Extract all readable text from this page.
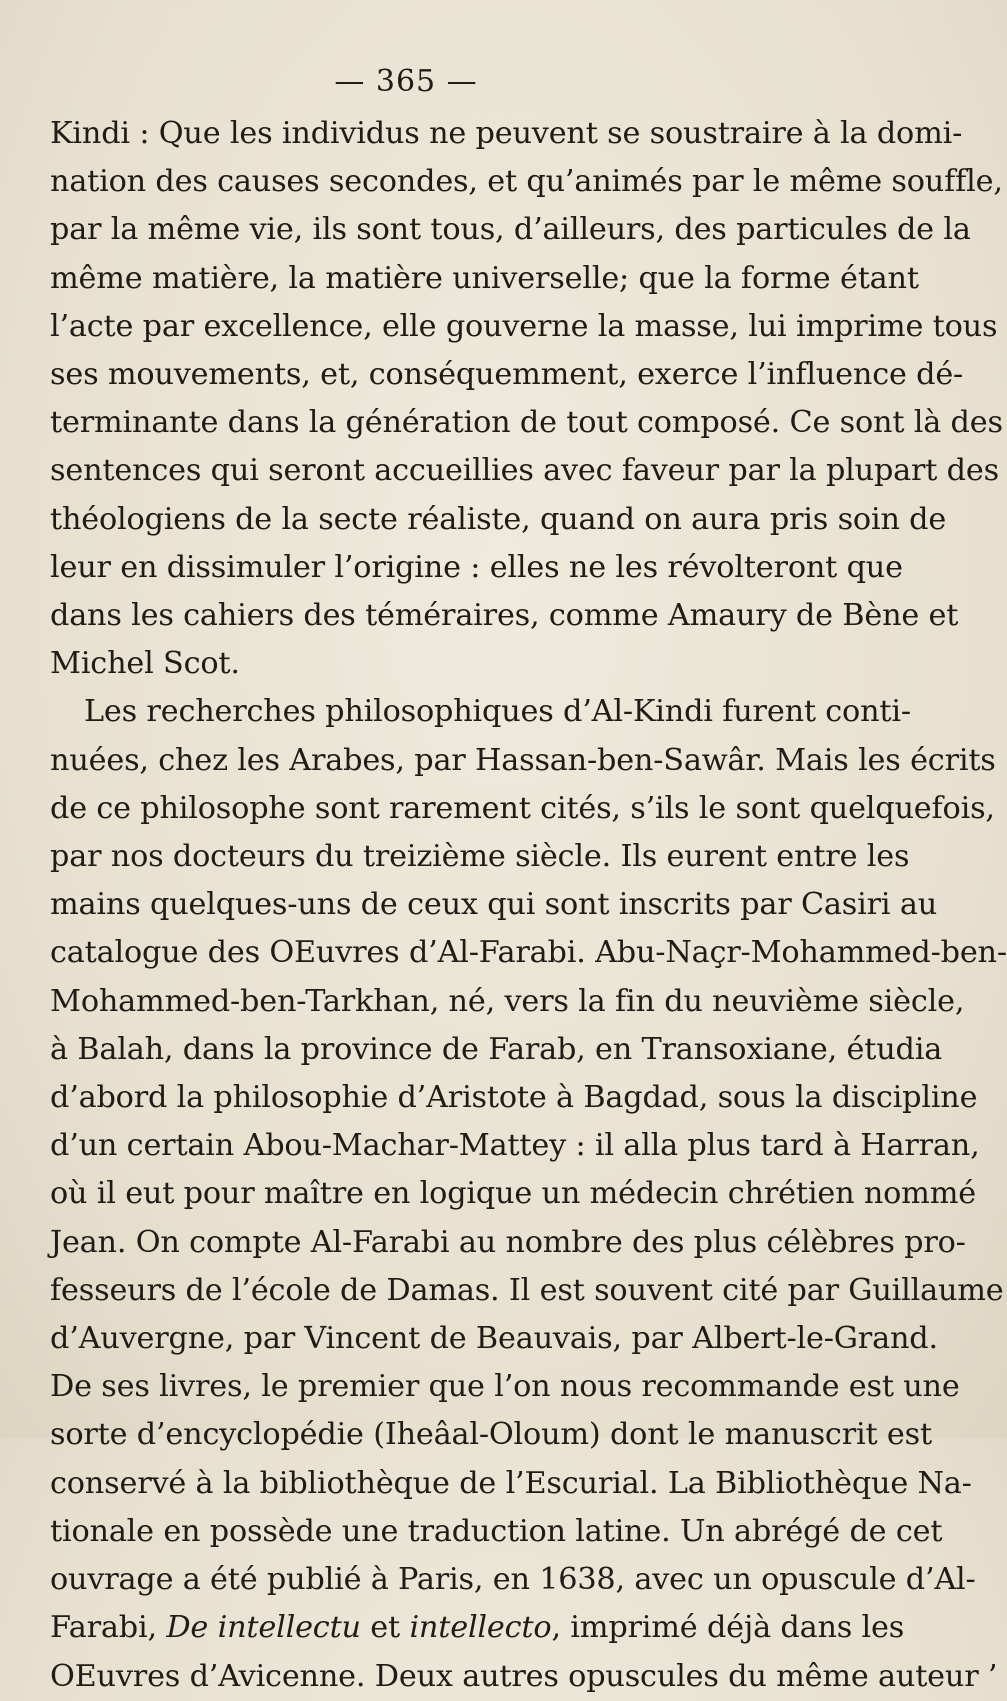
— 365 —

Kindi : Que les individus ne peuvent se soustraire à la domi-
nation des causes secondes, et qu’animés par le même souffle,
par la même vie, ils sont tous, d’ailleurs, des particules de la
même matière, la matière universelle; que la forme étant
l’acte par excellence, elle gouverne la masse, lui imprime tous
ses mouvements, et, conséquemment, exerce l’influence dé-
terminante dans la génération de tout composé. Ce sont là des
sentences qui seront accueillies avec faveur par la plupart des
théologiens de la secte réaliste, quand on aura pris soin de
leur en dissimuler l’origine : elles ne les révolteront que
dans les cahiers des téméraires, comme Amaury de Bène et
Michel Scot.

Les recherches philosophiques d’Al-Kindi furent conti-
nuées, chez les Arabes, par Hassan-ben-Sawâr. Mais les écrits
de ce philosophe sont rarement cités, s’ils le sont quelquefois,
par nos docteurs du treizième siècle. Ils eurent entre les
mains quelques-uns de ceux qui sont inscrits par Casiri au
catalogue des OEuvres d’Al-Farabi. Abu-Naçr-Mohammed-ben-
Mohammed-ben-Tarkhan, né, vers la fin du neuvième siècle,
à Balah, dans la province de Farab, en Transoxiane, étudia
d’abord la philosophie d’Aristote à Bagdad, sous la discipline
d’un certain Abou-Machar-Mattey : il alla plus tard à Harran,
où il eut pour maître en logique un médecin chrétien nommé
Jean. On compte Al-Farabi au nombre des plus célèbres pro-
fesseurs de l’école de Damas. Il est souvent cité par Guillaume
d’Auvergne, par Vincent de Beauvais, par Albert-le-Grand.
De ses livres, le premier que l’on nous recommande est une
sorte d’encyclopédie (Iheâal-Oloum) dont le manuscrit est
conservé à la bibliothèque de l’Escurial. La Bibliothèque Na-
tionale en possède une traduction latine. Un abrégé de cet
ouvrage a été publié à Paris, en 1638, avec un opuscule d’Al-
Farabi, De intellectu et intellecto, imprimé déjà dans les
OEuvres d’Avicenne. Deux autres opuscules du même auteur ’
